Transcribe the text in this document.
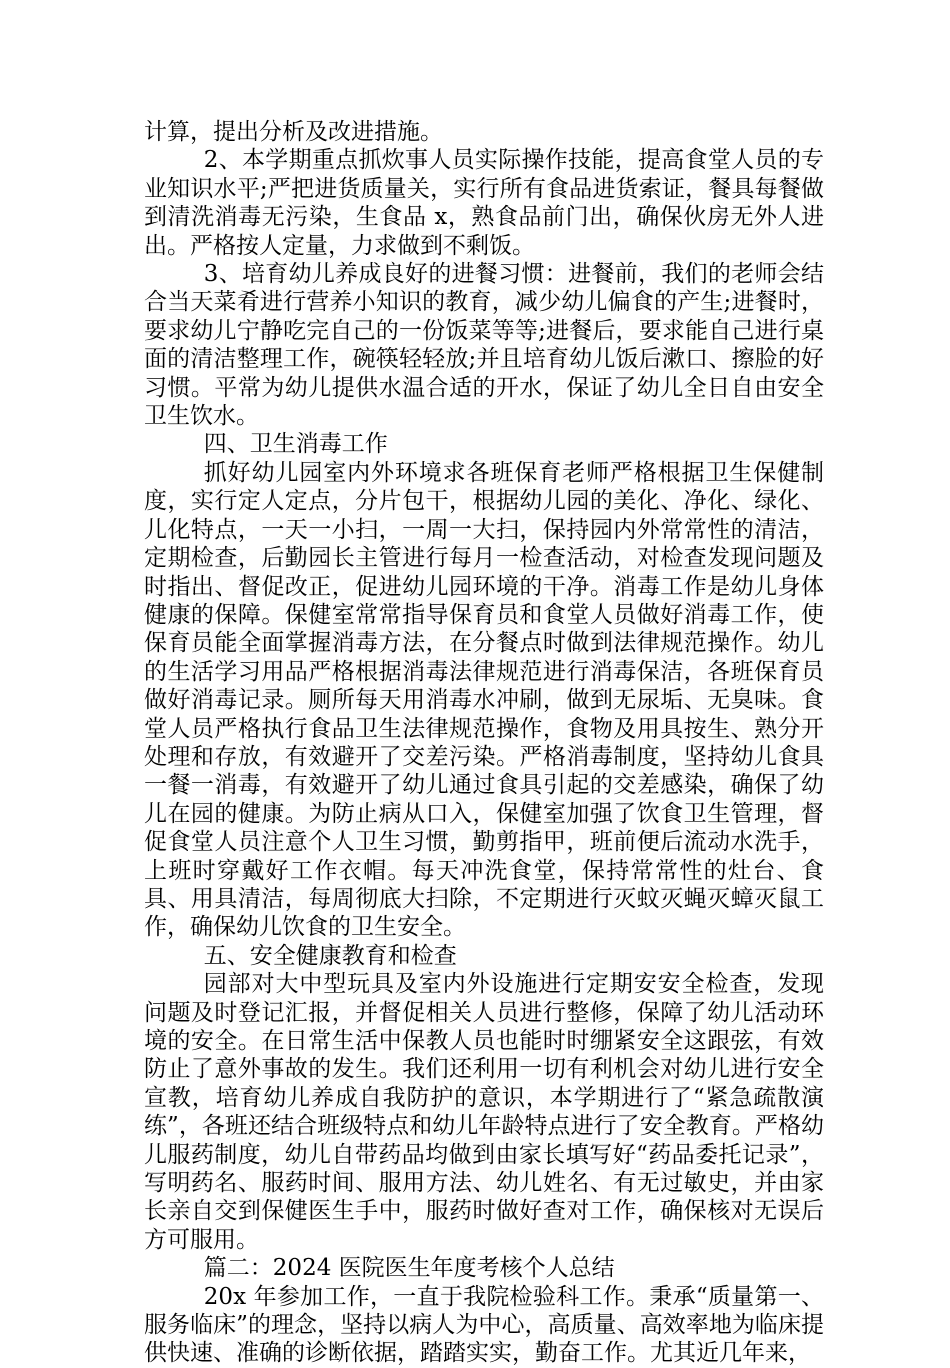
计算，提出分析及改进措施。

2、本学期重点抓炊事人员实际操作技能，提高食堂人员的专业知识水平;严把进货质量关，实行所有食品进货索证，餐具每餐做到清洗消毒无污染，生食品 x，熟食品前门出，确保伙房无外人进出。严格按人定量，力求做到不剩饭。

3、培育幼儿养成良好的进餐习惯：进餐前，我们的老师会结合当天菜肴进行营养小知识的教育，减少幼儿偏食的产生;进餐时，要求幼儿宁静吃完自己的一份饭菜等等;进餐后，要求能自己进行桌面的清洁整理工作，碗筷轻轻放;并且培育幼儿饭后漱口、擦脸的好习惯。平常为幼儿提供水温合适的开水，保证了幼儿全日自由安全卫生饮水。

四、卫生消毒工作

抓好幼儿园室内外环境求各班保育老师严格根据卫生保健制度，实行定人定点，分片包干，根据幼儿园的美化、净化、绿化、儿化特点，一天一小扫，一周一大扫，保持园内外常常性的清洁，定期检查，后勤园长主管进行每月一检查活动，对检查发现问题及时指出、督促改正，促进幼儿园环境的干净。消毒工作是幼儿身体健康的保障。保健室常常指导保育员和食堂人员做好消毒工作，使保育员能全面掌握消毒方法，在分餐点时做到法律规范操作。幼儿的生活学习用品严格根据消毒法律规范进行消毒保洁，各班保育员做好消毒记录。厕所每天用消毒水冲刷，做到无尿垢、无臭味。食堂人员严格执行食品卫生法律规范操作，食物及用具按生、熟分开处理和存放，有效避开了交差污染。严格消毒制度，坚持幼儿食具一餐一消毒，有效避开了幼儿通过食具引起的交差感染，确保了幼儿在园的健康。为防止病从口入，保健室加强了饮食卫生管理，督促食堂人员注意个人卫生习惯，勤剪指甲，班前便后流动水洗手，上班时穿戴好工作衣帽。每天冲洗食堂，保持常常性的灶台、食具、用具清洁，每周彻底大扫除，不定期进行灭蚊灭蝇灭蟑灭鼠工作，确保幼儿饮食的卫生安全。

五、安全健康教育和检查

园部对大中型玩具及室内外设施进行定期安安全检查，发现问题及时登记汇报，并督促相关人员进行整修，保障了幼儿活动环境的安全。在日常生活中保教人员也能时时绷紧安全这跟弦，有效防止了意外事故的发生。我们还利用一切有利机会对幼儿进行安全宣教，培育幼儿养成自我防护的意识，本学期进行了“紧急疏散演练”，各班还结合班级特点和幼儿年龄特点进行了安全教育。严格幼儿服药制度，幼儿自带药品均做到由家长填写好“药品委托记录”，写明药名、服药时间、服用方法、幼儿姓名、有无过敏史，并由家长亲自交到保健医生手中，服药时做好查对工作，确保核对无误后方可服用。

篇二：2024 医院医生年度考核个人总结

20x 年参加工作，一直于我院检验科工作。秉承“质量第一、服务临床”的理念，坚持以病人为中心，高质量、高效率地为临床提供快速、准确的诊断依据，踏踏实实，勤奋工作。尤其近几年来，
